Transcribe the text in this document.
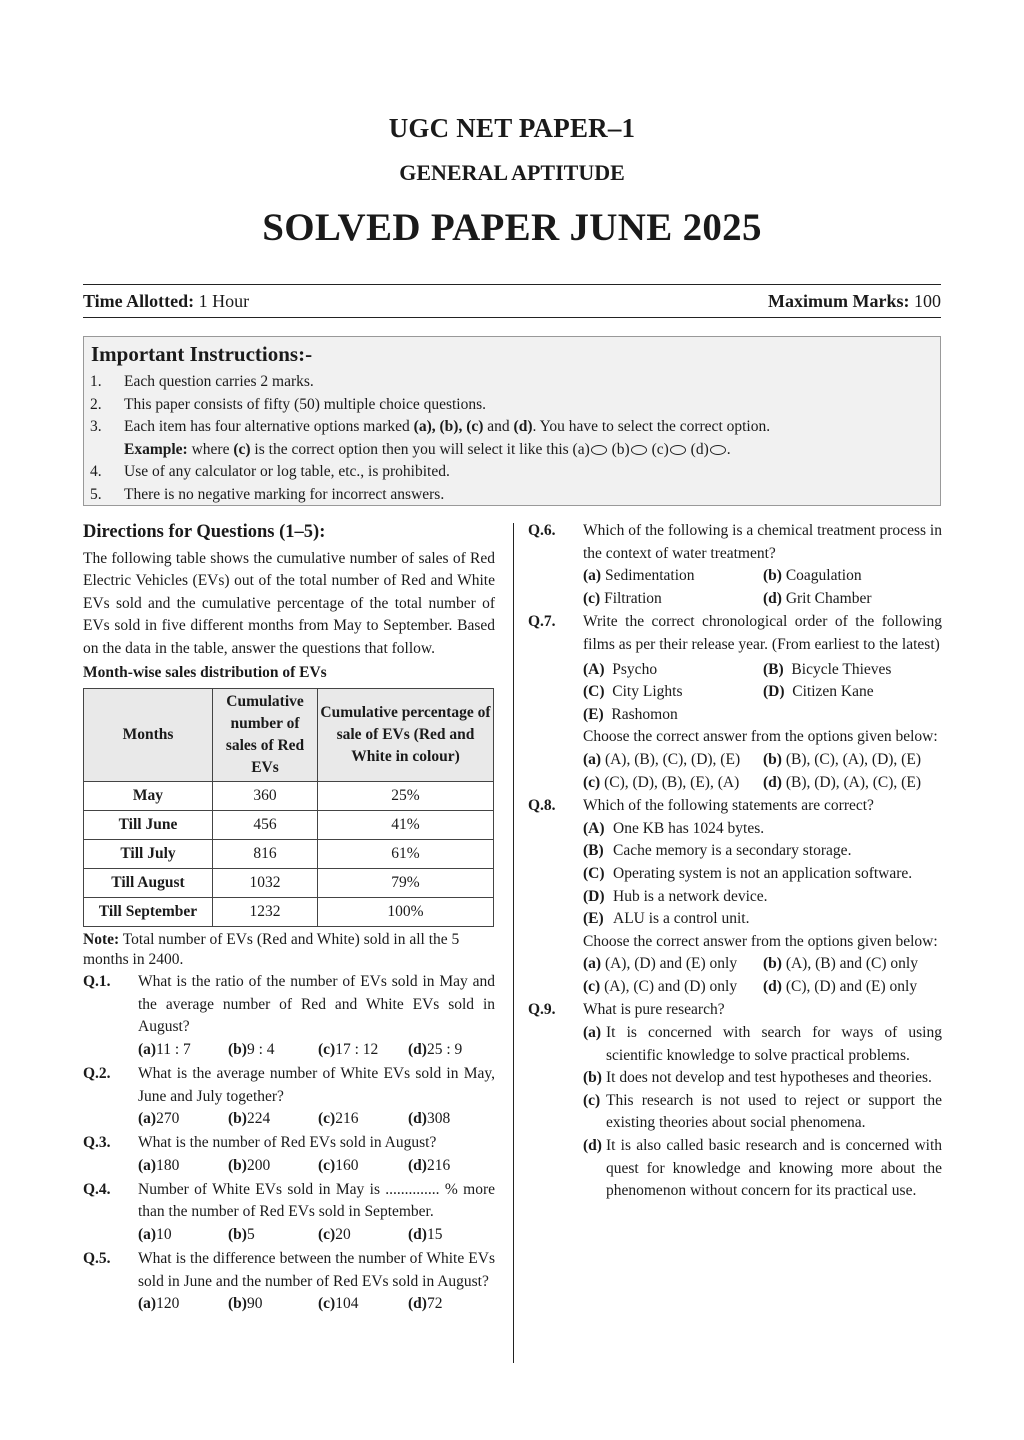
UGC NET PAPER–1
GENERAL APTITUDE
SOLVED PAPER JUNE 2025
Time Allotted: 1 Hour	Maximum Marks: 100
Important Instructions:-
1. Each question carries 2 marks.
2. This paper consists of fifty (50) multiple choice questions.
3. Each item has four alternative options marked (a), (b), (c) and (d). You have to select the correct option.
Example: where (c) is the correct option then you will select it like this (a) (b) (c) (d) .
4. Use of any calculator or log table, etc., is prohibited.
5. There is no negative marking for incorrect answers.
Directions for Questions (1–5):
The following table shows the cumulative number of sales of Red Electric Vehicles (EVs) out of the total number of Red and White EVs sold and the cumulative percentage of the total number of EVs sold in five different months from May to September. Based on the data in the table, answer the questions that follow.
Month-wise sales distribution of EVs
Months	Cumulative number of sales of Red EVs	Cumulative percentage of sale of EVs (Red and White in colour)
May	360	25%
Till June	456	41%
Till July	816	61%
Till August	1032	79%
Till September	1232	100%
Note: Total number of EVs (Red and White) sold in all the 5 months in 2400.
Q.1. What is the ratio of the number of EVs sold in May and the average number of Red and White EVs sold in August?
(a) 11 : 7 (b) 9 : 4	(c) 17 : 12 (d) 25 : 9
Q.2. What is the average number of White EVs sold in May, June and July together?
(a) 270	(b) 224	(c) 216	(d) 308
Q.3. What is the number of Red EVs sold in August?
(a) 180	(b) 200	(c) 160	(d) 216
Q.4. Number of White EVs sold in May is .............. % more than the number of Red EVs sold in September.
(a) 10	(b) 5	(c) 20	(d) 15
Q.5. What is the difference between the number of White EVs sold in June and the number of Red EVs sold in August?
(a) 120	(b) 90	(c) 104	(d) 72
Q.6. Which of the following is a chemical treatment process in the context of water treatment?
(a) Sedimentation	(b) Coagulation
(c) Filtration	(d) Grit Chamber
Q.7. Write the correct chronological order of the following films as per their release year. (From earliest to the latest)
(A) Psycho	(B) Bicycle Thieves
(C) City Lights	(D) Citizen Kane
(E) Rashomon
Choose the correct answer from the options given below:
(a) (A), (B), (C), (D), (E)	(b) (B), (C), (A), (D), (E)
(c) (C), (D), (B), (E), (A)	(d) (B), (D), (A), (C), (E)
Q.8. Which of the following statements are correct?
(A) One KB has 1024 bytes.
(B) Cache memory is a secondary storage.
(C) Operating system is not an application software.
(D) Hub is a network device.
(E) ALU is a control unit.
Choose the correct answer from the options given below:
(a) (A), (D) and (E) only	(b) (A), (B) and (C) only
(c) (A), (C) and (D) only	(d) (C), (D) and (E) only
Q.9. What is pure research?
(a) It is concerned with search for ways of using scientific knowledge to solve practical problems.
(b) It does not develop and test hypotheses and theories.
(c) This research is not used to reject or support the existing theories about social phenomena.
(d) It is also called basic research and is concerned with quest for knowledge and knowing more about the phenomenon without concern for its practical use.
